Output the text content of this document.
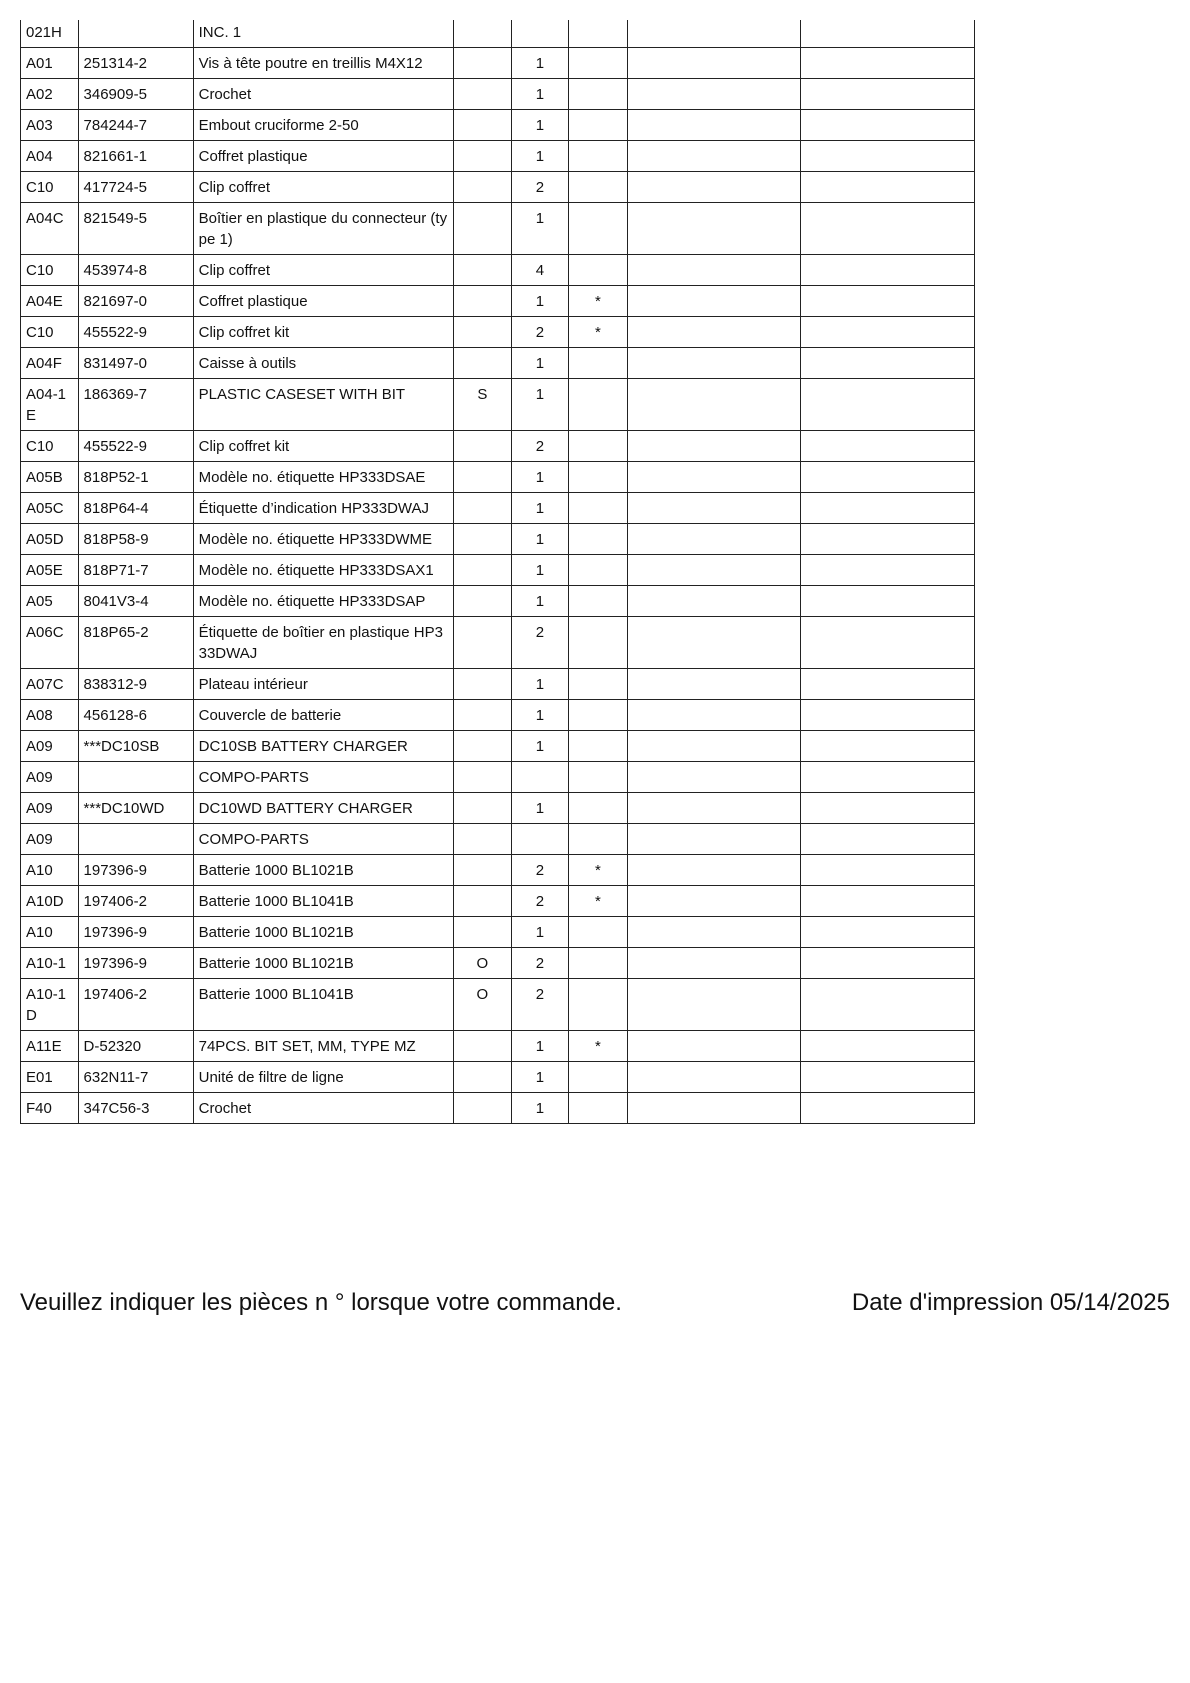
021H		INC. 1					
A01	251314-2	Vis à tête poutre en treillis M4X12		1			
A02	346909-5	Crochet		1			
A03	784244-7	Embout cruciforme 2-50		1			
A04	821661-1	Coffret plastique		1			
C10	417724-5	Clip coffret		2			
A04C	821549-5	Boîtier en plastique du connecteur (type 1)		1			
C10	453974-8	Clip coffret		4			
A04E	821697-0	Coffret plastique		1	*		
C10	455522-9	Clip coffret kit		2	*		
A04F	831497-0	Caisse à outils		1			
A04-1E	186369-7	PLASTIC CASESET WITH BIT	S	1			
C10	455522-9	Clip coffret kit		2			
A05B	818P52-1	Modèle no. étiquette HP333DSAE		1			
A05C	818P64-4	Étiquette d’indication HP333DWAJ		1			
A05D	818P58-9	Modèle no. étiquette HP333DWME		1			
A05E	818P71-7	Modèle no. étiquette HP333DSAX1		1			
A05	8041V3-4	Modèle no. étiquette HP333DSAP		1			
A06C	818P65-2	Étiquette de boîtier en plastique HP333DWAJ		2			
A07C	838312-9	Plateau intérieur		1			
A08	456128-6	Couvercle de batterie		1			
A09	***DC10SB	DC10SB BATTERY CHARGER		1			
A09		COMPO-PARTS					
A09	***DC10WD	DC10WD BATTERY CHARGER		1			
A09		COMPO-PARTS					
A10	197396-9	Batterie 1000 BL1021B		2	*		
A10D	197406-2	Batterie 1000 BL1041B		2	*		
A10	197396-9	Batterie 1000 BL1021B		1			
A10-1	197396-9	Batterie 1000 BL1021B	O	2			
A10-1D	197406-2	Batterie 1000 BL1041B	O	2			
A11E	D-52320	74PCS. BIT SET, MM, TYPE MZ		1	*		
E01	632N11-7	Unité de filtre de ligne		1			
F40	347C56-3	Crochet		1			
Veuillez indiquer les pièces n ° lorsque votre commande.	Date d'impression 05/14/2025
